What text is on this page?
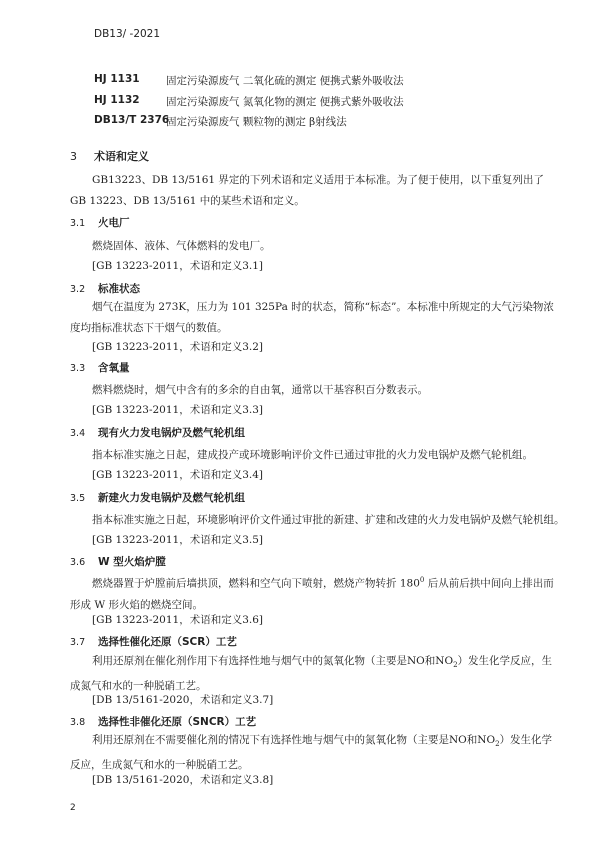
DB13/ -2021
HJ 1131	固定污染源废气 二氧化硫的测定 便携式紫外吸收法
HJ 1132	固定污染源废气 氮氧化物的测定 便携式紫外吸收法
DB13/T 2376
固定污染源废气 颗粒物的测定 β射线法
3 术语和定义
GB13223、DB 13/5161 界定的下列术语和定义适用于本标准。为了便于使用，以下重复列出了 GB 13223、DB 13/5161 中的某些术语和定义。
3.1 火电厂
燃烧固体、液体、气体燃料的发电厂。
[GB 13223-2011，术语和定义3.1]
3.2 标准状态
烟气在温度为 273K，压力为 101 325Pa 时的状态，简称“标态”。本标准中所规定的大气污染物浓度均指标准状态下干烟气的数值。
[GB 13223-2011，术语和定义3.2]
3.3 含氧量
燃料燃烧时，烟气中含有的多余的自由氧，通常以干基容积百分数表示。
[GB 13223-2011，术语和定义3.3]
3.4 现有火力发电锅炉及燃气轮机组
指本标准实施之日起，建成投产或环境影响评价文件已通过审批的火力发电锅炉及燃气轮机组。
[GB 13223-2011，术语和定义3.4]
3.5 新建火力发电锅炉及燃气轮机组
指本标准实施之日起，环境影响评价文件通过审批的新建、扩建和改建的火力发电锅炉及燃气轮机组。
[GB 13223-2011，术语和定义3.5]
3.6 W 型火焰炉膛
燃烧器置于炉膛前后墙拱顶，燃料和空气向下喷射，燃烧产物转折 $180^0$ 后从前后拱中间向上排出而形成 W 形火焰的燃烧空间。
[GB 13223-2011，术语和定义3.6]
3.7 选择性催化还原（SCR）工艺
利用还原剂在催化剂作用下有选择性地与烟气中的氮氧化物（主要是NO和$NO_2$）发生化学反应，生成氮气和水的一种脱硝工艺。
[DB 13/5161-2020，术语和定义3.7]
3.8 选择性非催化还原（SNCR）工艺
利用还原剂在不需要催化剂的情况下有选择性地与烟气中的氮氧化物（主要是NO和$NO_2$）发生化学反应，生成氮气和水的一种脱硝工艺。
[DB 13/5161-2020，术语和定义3.8]
2
